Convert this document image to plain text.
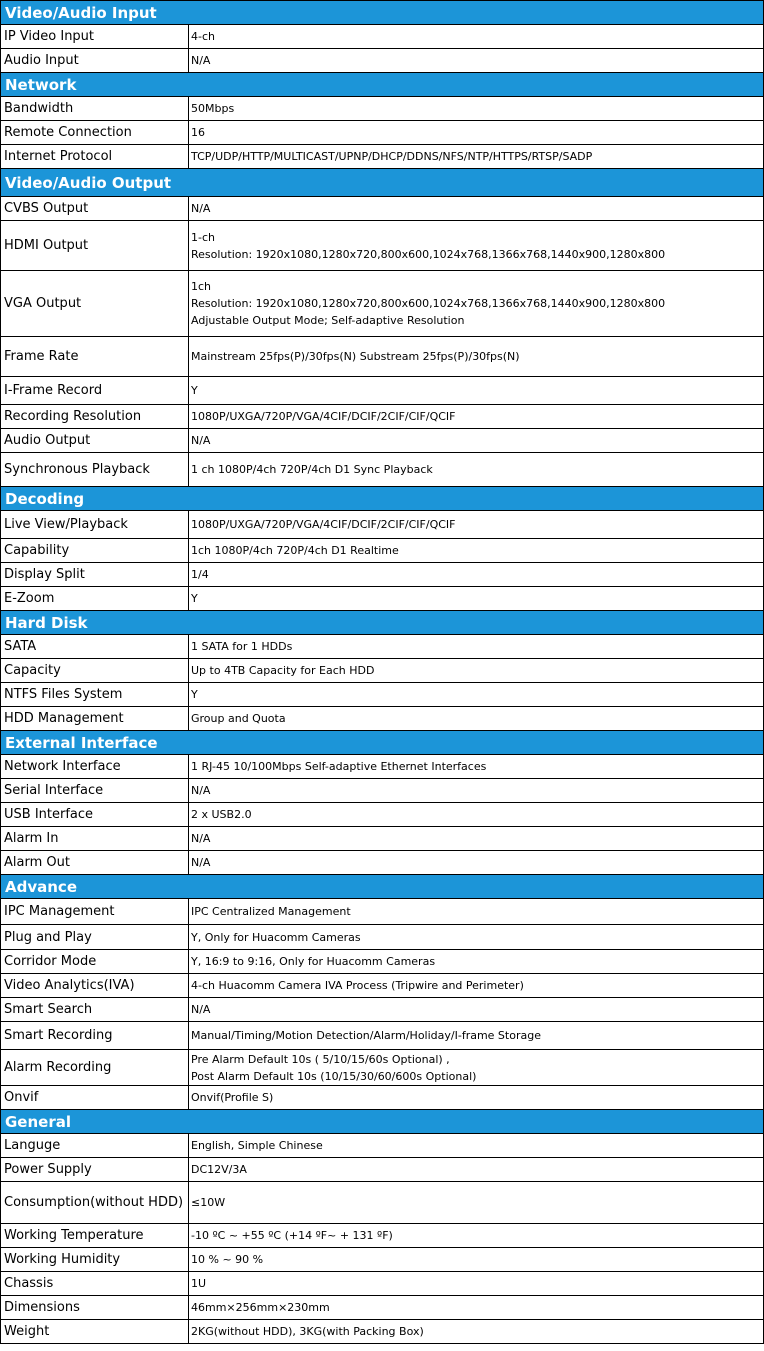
Video/Audio Input	
IP Video Input	4-ch

Audio Input	N/A

Network	
Bandwidth	50Mbps

Remote Connection	16

Internet Protocol	TCP/UDP/HTTP/MULTICAST/UPNP/DHCP/DDNS/NFS/NTP/HTTPS/RTSP/SADP

Video/Audio Output	
CVBS Output	N/A

HDMI Output	1-ch
Resolution: 1920x1080,1280x720,800x600,1024x768,1366x768,1440x900,1280x800

VGA Output	1ch
Resolution: 1920x1080,1280x720,800x600,1024x768,1366x768,1440x900,1280x800
Adjustable Output Mode; Self-adaptive Resolution

Frame Rate	Mainstream 25fps(P)/30fps(N) Substream 25fps(P)/30fps(N)

I-Frame Record	Y

Recording Resolution	1080P/UXGA/720P/VGA/4CIF/DCIF/2CIF/CIF/QCIF

Audio Output	N/A

Synchronous Playback	1 ch 1080P/4ch 720P/4ch D1 Sync Playback

Decoding	
Live View/Playback	1080P/UXGA/720P/VGA/4CIF/DCIF/2CIF/CIF/QCIF

Capability	1ch 1080P/4ch 720P/4ch D1 Realtime

Display Split	1/4

E-Zoom	Y

Hard Disk	
SATA	1 SATA for 1 HDDs

Capacity	Up to 4TB Capacity for Each HDD

NTFS Files System	Y

HDD Management	Group and Quota

External Interface	
Network Interface	1 RJ-45 10/100Mbps Self-adaptive Ethernet Interfaces

Serial Interface	N/A

USB Interface	2 x USB2.0

Alarm In	N/A

Alarm Out	N/A

Advance	
IPC Management	IPC Centralized Management

Plug and Play	Y, Only for Huacomm Cameras

Corridor Mode	Y, 16:9 to 9:16, Only for Huacomm Cameras

Video Analytics(IVA)	4-ch Huacomm Camera IVA Process (Tripwire and Perimeter)

Smart Search	N/A

Smart Recording	Manual/Timing/Motion Detection/Alarm/Holiday/I-frame Storage

Alarm Recording	Pre Alarm Default 10s ( 5/10/15/60s Optional) ,
Post Alarm Default 10s (10/15/30/60/600s Optional)

Onvif	Onvif(Profile S)

General	
Languge	English, Simple Chinese

Power Supply	DC12V/3A

Consumption(without HDD)	≤10W

Working Temperature	-10 ºC ~ +55 ºC (+14 ºF~ + 131 ºF)

Working Humidity	10 % ~ 90 %

Chassis	1U

Dimensions	46mm×256mm×230mm

Weight	2KG(without HDD), 3KG(with Packing Box)
